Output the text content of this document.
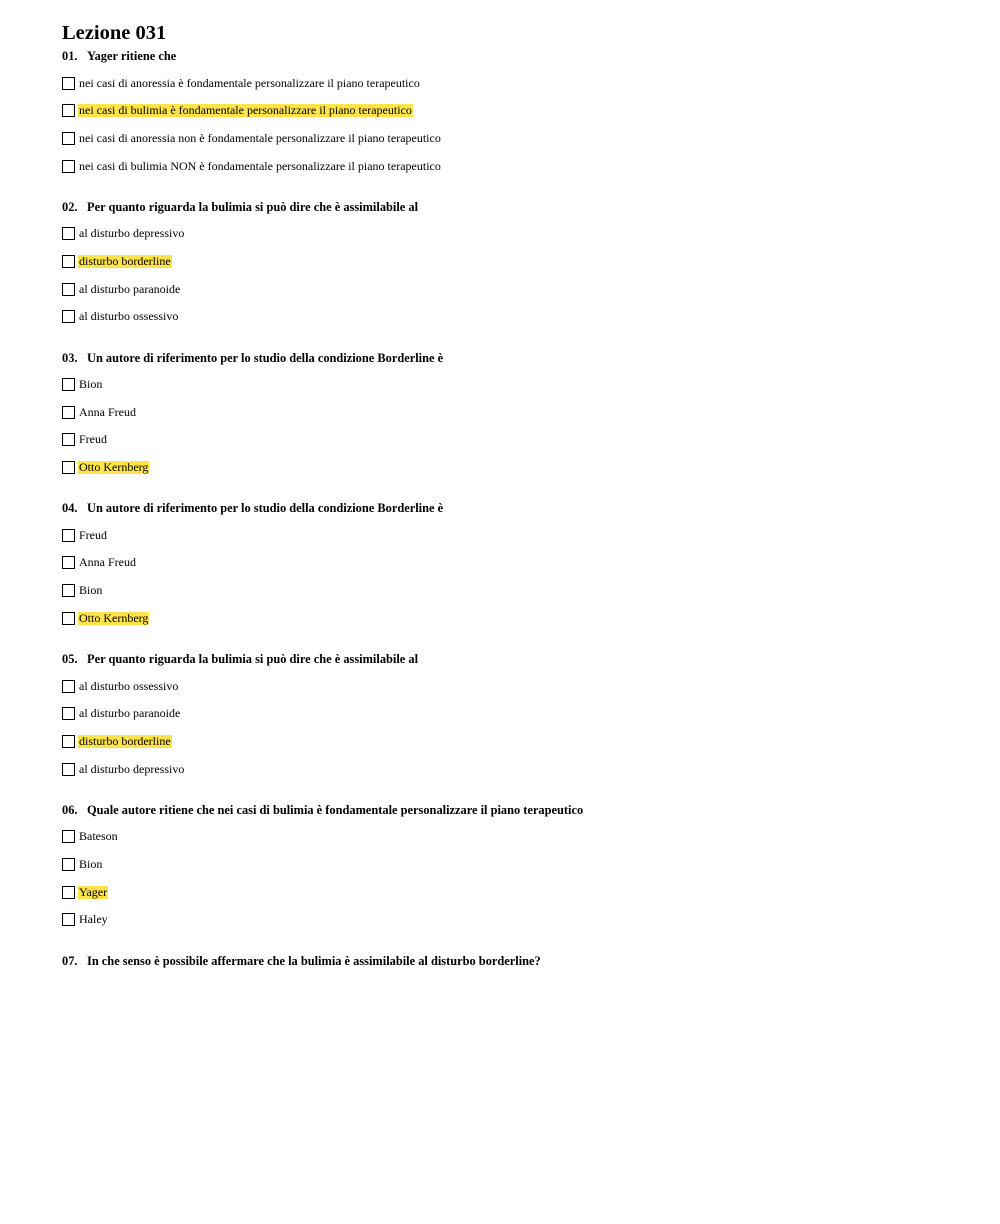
Lezione 031
01. Yager ritiene che
nei casi di anoressia è fondamentale personalizzare il piano terapeutico
nei casi di bulimia è fondamentale personalizzare il piano terapeutico
nei casi di anoressia non è fondamentale personalizzare il piano terapeutico
nei casi di bulimia NON è fondamentale personalizzare il piano terapeutico
02. Per quanto riguarda la bulimia si può dire che è assimilabile al
al disturbo depressivo
disturbo borderline
al disturbo paranoide
al disturbo ossessivo
03. Un autore di riferimento per lo studio della condizione Borderline è
Bion
Anna Freud
Freud
Otto Kernberg
04. Un autore di riferimento per lo studio della condizione Borderline è
Freud
Anna Freud
Bion
Otto Kernberg
05. Per quanto riguarda la bulimia si può dire che è assimilabile al
al disturbo ossessivo
al disturbo paranoide
disturbo borderline
al disturbo depressivo
06. Quale autore ritiene che nei casi di bulimia è fondamentale personalizzare il piano terapeutico
Bateson
Bion
Yager
Haley
07. In che senso è possibile affermare che la bulimia è assimilabile al disturbo borderline?
